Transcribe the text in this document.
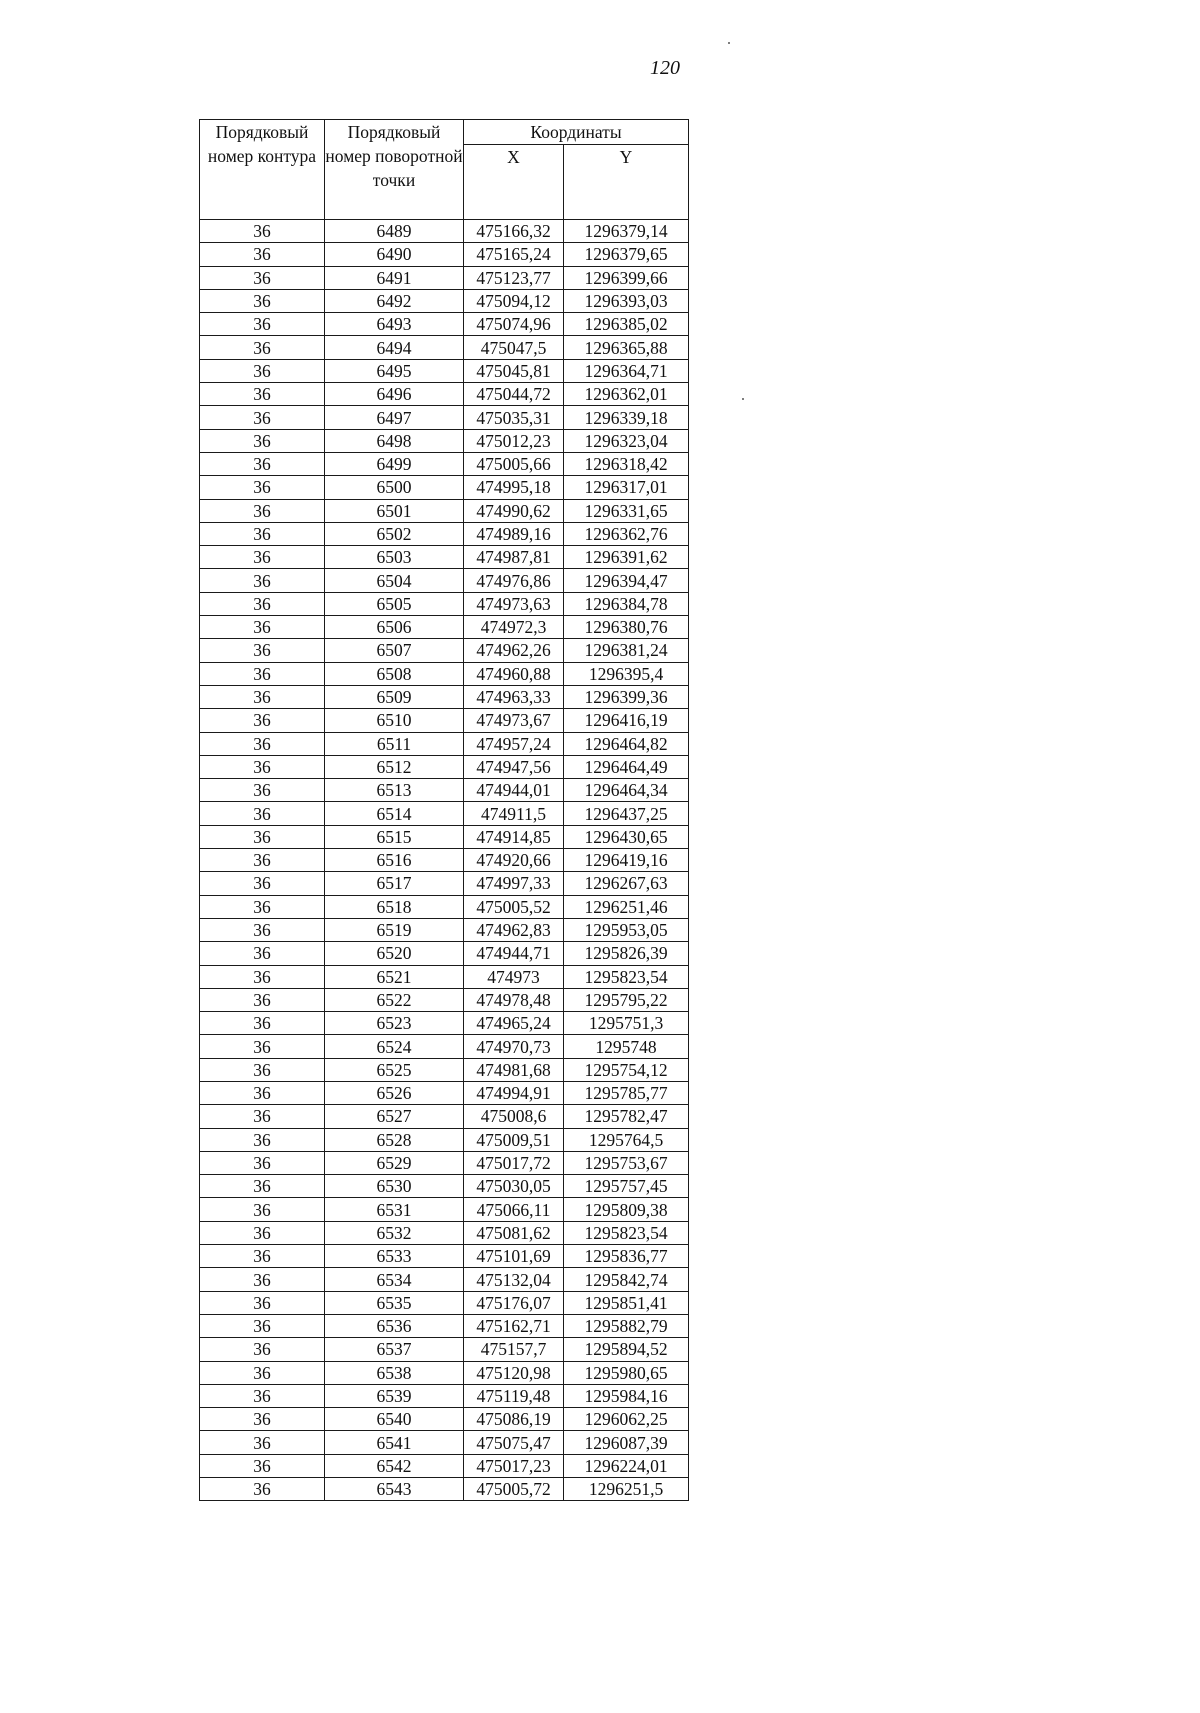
120
Порядковый номер контура	Порядковый номер поворотной точки	Координаты	
		X	Y
36	6489	475166,32	1296379,14
36	6490	475165,24	1296379,65
36	6491	475123,77	1296399,66
36	6492	475094,12	1296393,03
36	6493	475074,96	1296385,02
36	6494	475047,5	1296365,88
36	6495	475045,81	1296364,71
36	6496	475044,72	1296362,01
36	6497	475035,31	1296339,18
36	6498	475012,23	1296323,04
36	6499	475005,66	1296318,42
36	6500	474995,18	1296317,01
36	6501	474990,62	1296331,65
36	6502	474989,16	1296362,76
36	6503	474987,81	1296391,62
36	6504	474976,86	1296394,47
36	6505	474973,63	1296384,78
36	6506	474972,3	1296380,76
36	6507	474962,26	1296381,24
36	6508	474960,88	1296395,4
36	6509	474963,33	1296399,36
36	6510	474973,67	1296416,19
36	6511	474957,24	1296464,82
36	6512	474947,56	1296464,49
36	6513	474944,01	1296464,34
36	6514	474911,5	1296437,25
36	6515	474914,85	1296430,65
36	6516	474920,66	1296419,16
36	6517	474997,33	1296267,63
36	6518	475005,52	1296251,46
36	6519	474962,83	1295953,05
36	6520	474944,71	1295826,39
36	6521	474973	1295823,54
36	6522	474978,48	1295795,22
36	6523	474965,24	1295751,3
36	6524	474970,73	1295748
36	6525	474981,68	1295754,12
36	6526	474994,91	1295785,77
36	6527	475008,6	1295782,47
36	6528	475009,51	1295764,5
36	6529	475017,72	1295753,67
36	6530	475030,05	1295757,45
36	6531	475066,11	1295809,38
36	6532	475081,62	1295823,54
36	6533	475101,69	1295836,77
36	6534	475132,04	1295842,74
36	6535	475176,07	1295851,41
36	6536	475162,71	1295882,79
36	6537	475157,7	1295894,52
36	6538	475120,98	1295980,65
36	6539	475119,48	1295984,16
36	6540	475086,19	1296062,25
36	6541	475075,47	1296087,39
36	6542	475017,23	1296224,01
36	6543	475005,72	1296251,5
